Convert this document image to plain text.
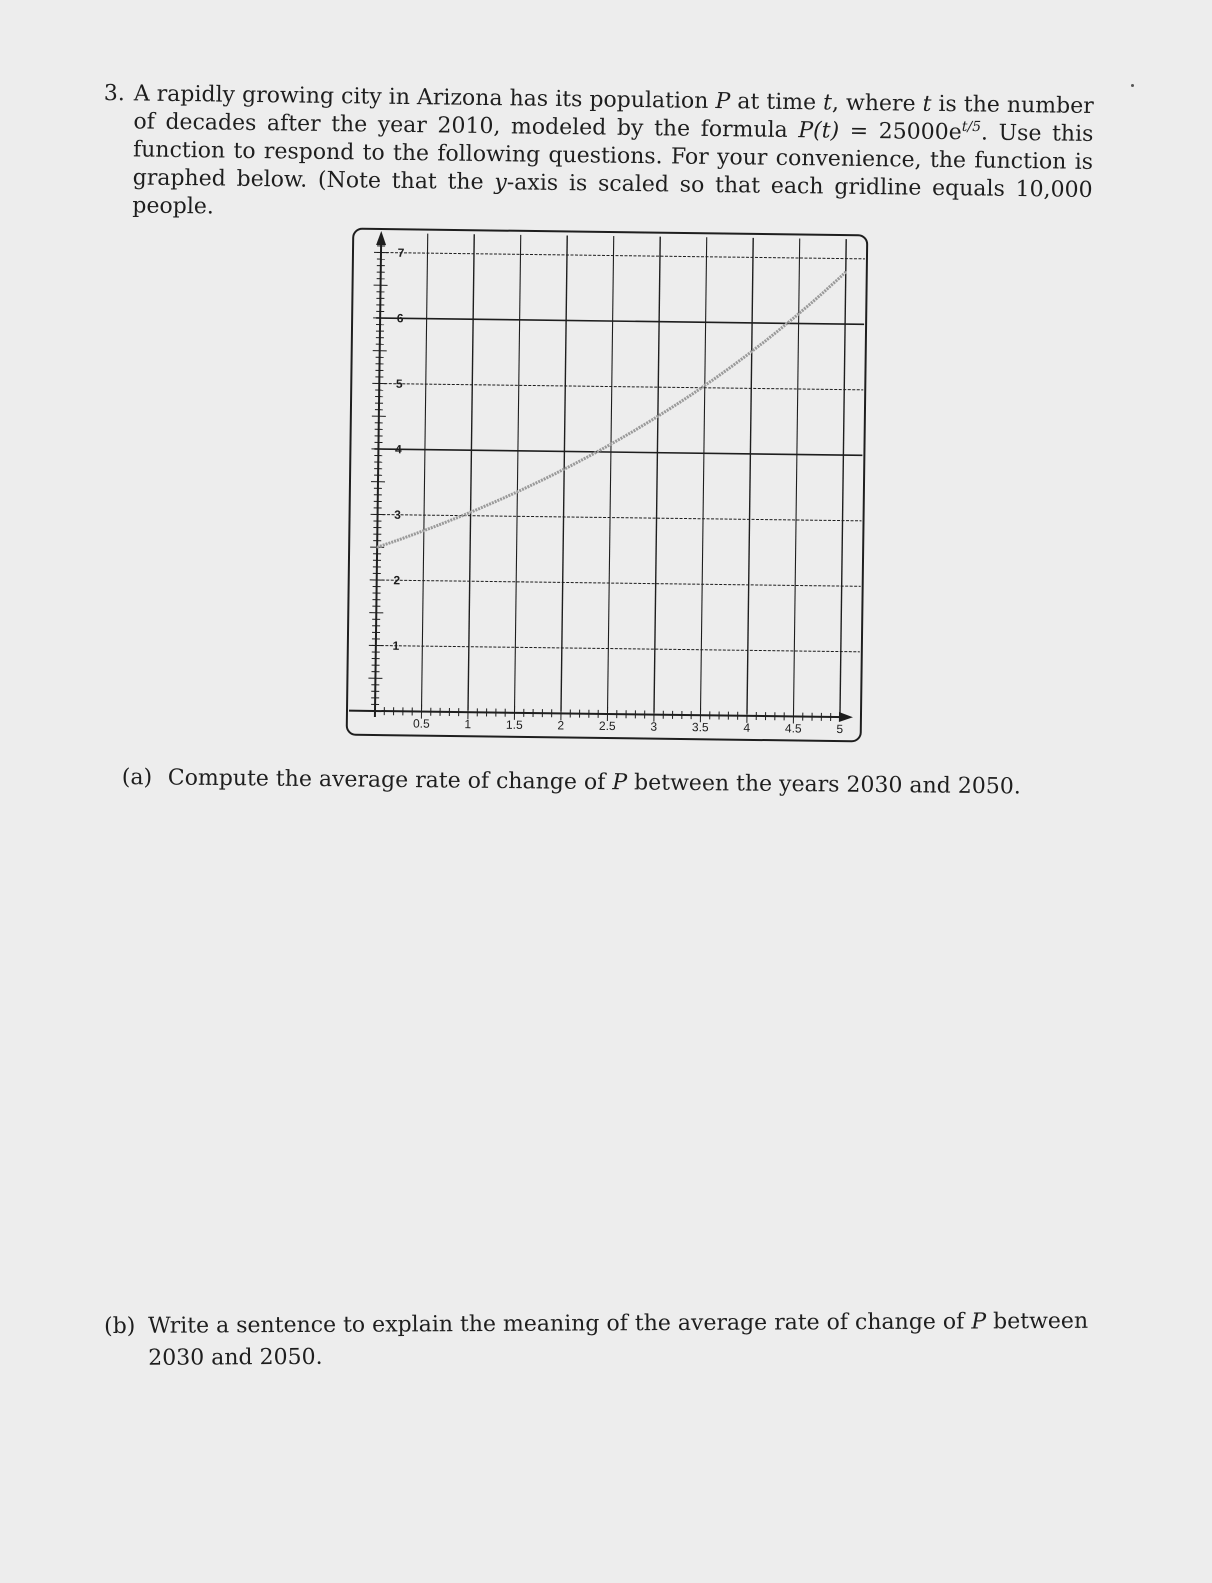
3. A rapidly growing city in Arizona has its population P at time t, where t is the number of decades after the year 2010, modeled by the formula $P(t) = 25000e^{t/5}$. Use this function to respond to the following questions. For your convenience, the function is graphed below. (Note that the y-axis is scaled so that each gridline equals 10,000 people.
0.5	1	1.5	2	2.5	3	3.5	4	4.5	5
1
2
3
4
5
6
7
(a) Compute the average rate of change of P between the years 2030 and 2050.
(b) Write a sentence to explain the meaning of the average rate of change of P between 2030 and 2050.
